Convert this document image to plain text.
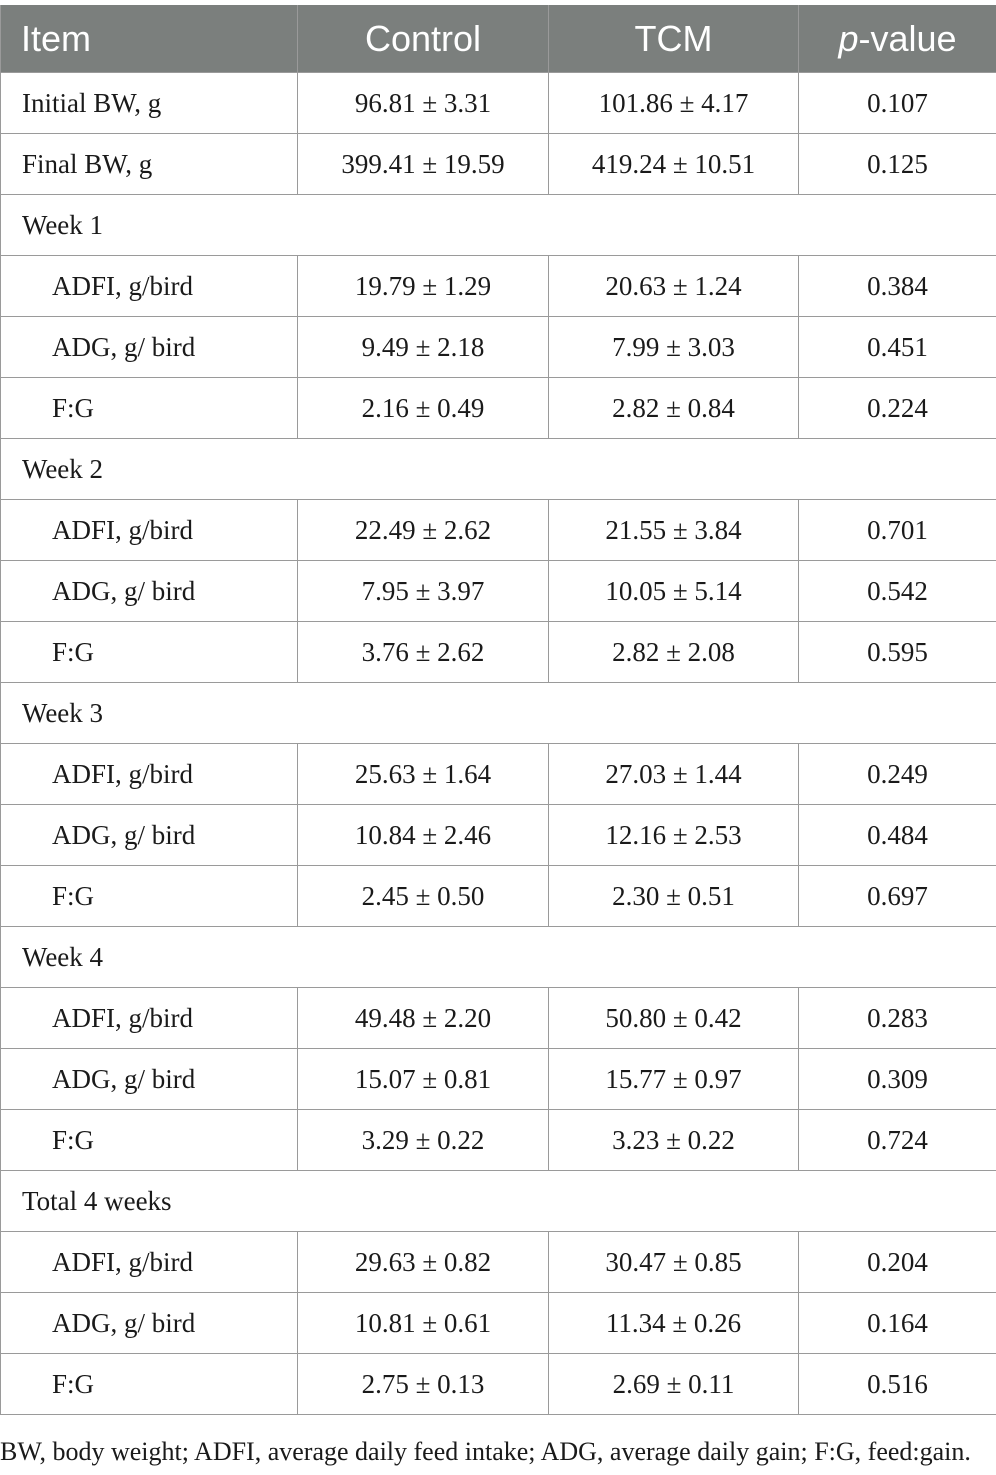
Item	Control	TCM	p-value
Initial BW, g	96.81 ± 3.31	101.86 ± 4.17	0.107
Final BW, g	399.41 ± 19.59	419.24 ± 10.51	0.125
Week 1			
ADFI, g/bird	19.79 ± 1.29	20.63 ± 1.24	0.384
ADG, g/ bird	9.49 ± 2.18	7.99 ± 3.03	0.451
F:G	2.16 ± 0.49	2.82 ± 0.84	0.224
Week 2			
ADFI, g/bird	22.49 ± 2.62	21.55 ± 3.84	0.701
ADG, g/ bird	7.95 ± 3.97	10.05 ± 5.14	0.542
F:G	3.76 ± 2.62	2.82 ± 2.08	0.595
Week 3			
ADFI, g/bird	25.63 ± 1.64	27.03 ± 1.44	0.249
ADG, g/ bird	10.84 ± 2.46	12.16 ± 2.53	0.484
F:G	2.45 ± 0.50	2.30 ± 0.51	0.697
Week 4			
ADFI, g/bird	49.48 ± 2.20	50.80 ± 0.42	0.283
ADG, g/ bird	15.07 ± 0.81	15.77 ± 0.97	0.309
F:G	3.29 ± 0.22	3.23 ± 0.22	0.724
Total 4 weeks			
ADFI, g/bird	29.63 ± 0.82	30.47 ± 0.85	0.204
ADG, g/ bird	10.81 ± 0.61	11.34 ± 0.26	0.164
F:G	2.75 ± 0.13	2.69 ± 0.11	0.516
BW, body weight; ADFI, average daily feed intake; ADG, average daily gain; F:G, feed:gain.
